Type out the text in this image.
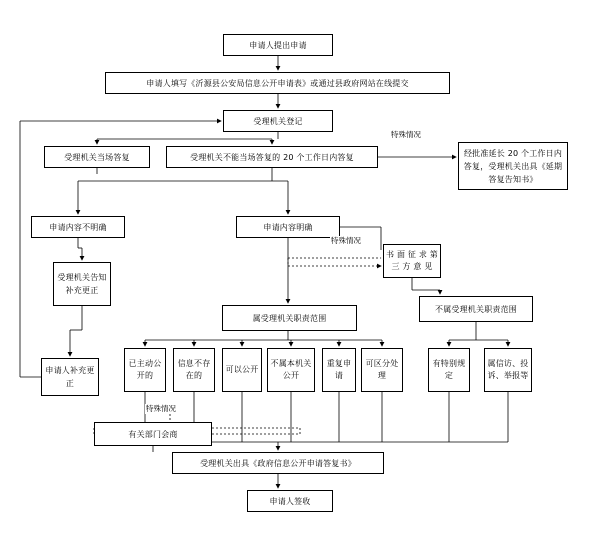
申请人提出申请
申请人填写《沂源县公安局信息公开申请表》或通过县政府网站在线提交
受理机关登记
受理机关当场答复	受理机关不能当场答复的 20 个工作日内答复	经批准延长 20 个工作日内答复，受理机关出具《延期答复告知书》
申请内容不明确	申请内容明确
书 面 征 求 第 三 方 意 见
受理机关告知补充更正
属受理机关职责范围
不属受理机关职责范围
申请人补充更正
已主动公开的
信息不存在的
可以公开
不属本机关公开
重复申请
可区分处理
有特别规定
属信访、投诉、举报等
有关部门会商
受理机关出具《政府信息公开申请答复书》
申请人签收
特殊情况
特殊情况
特殊情况
